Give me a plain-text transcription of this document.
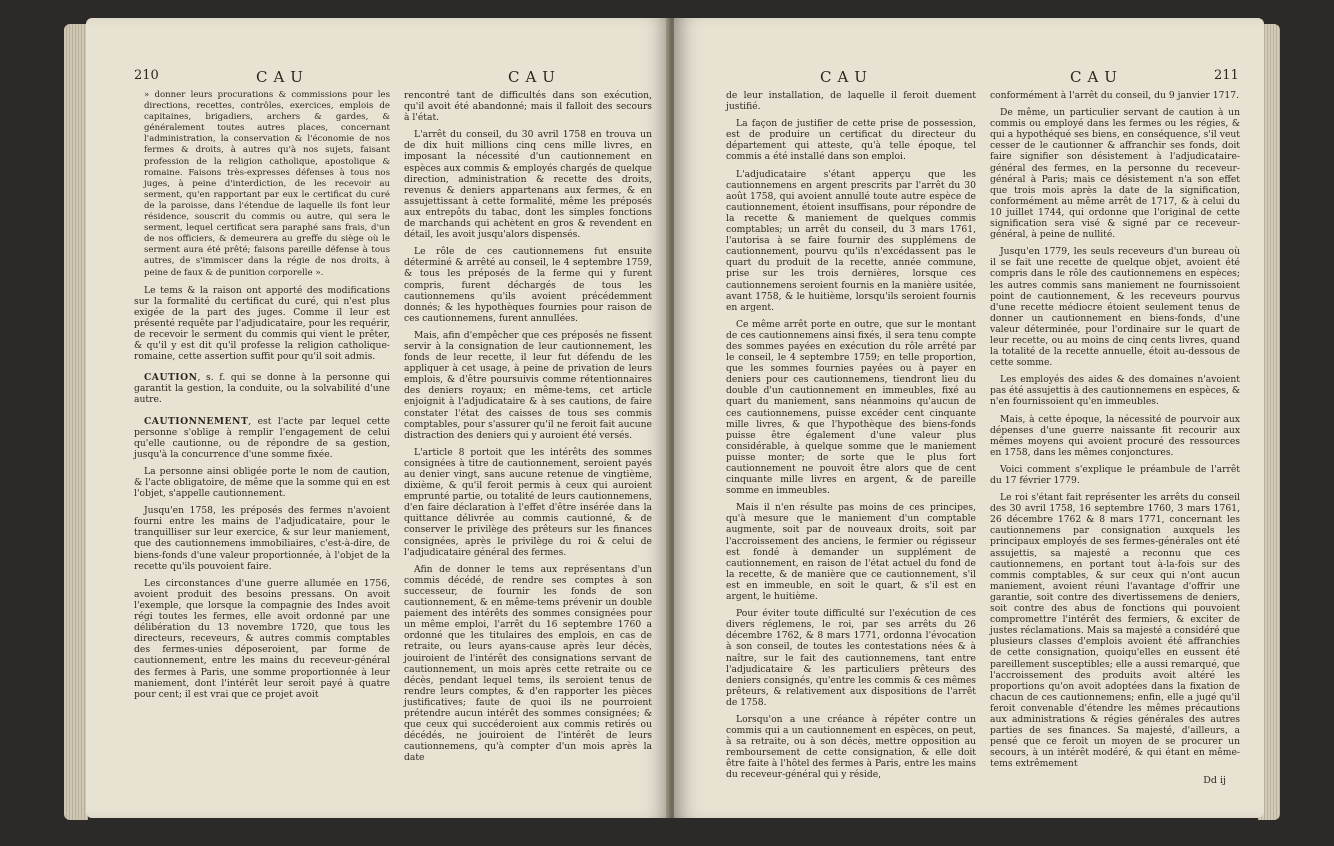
210	CAU	CAU

» donner leurs procurations & commissions pour les directions, recettes, contrôles, exercices, emplois de capitaines, brigadiers, archers & gardes, & généralement toutes autres places, concernant l'administration, la conservation & l'économie de nos fermes & droits, à autres qu'à nos sujets, faisant profession de la religion catholique, apostolique & romaine. Faisons très-expresses défenses à tous nos juges, à peine d'interdiction, de les recevoir au serment, qu'en rapportant par eux le certificat du curé de la paroisse, dans l'étendue de laquelle ils font leur résidence, souscrit du commis ou autre, qui sera le serment, lequel certificat sera paraphé sans frais, d'un de nos officiers, & demeurera au greffe du siège où le serment aura été prêté; faisons pareille défense à tous autres, de s'immiscer dans la régie de nos droits, à peine de faux & de punition corporelle ».

Le tems & la raison ont apporté des modifications sur la formalité du certificat du curé, qui n'est plus exigée de la part des juges. Comme il leur est présenté requête par l'adjudicataire, pour les requérir, de recevoir le serment du commis qui vient le prêter, & qu'il y est dit qu'il professe la religion catholique-romaine, cette assertion suffit pour qu'il soit admis.

CAUTION, s. f. qui se donne à la personne qui garantit la gestion, la conduite, ou la solvabilité d'une autre.

CAUTIONNEMENT, est l'acte par lequel cette personne s'oblige à remplir l'engagement de celui qu'elle cautionne, ou de répondre de sa gestion, jusqu'à la concurrence d'une somme fixée.

La personne ainsi obligée porte le nom de caution, & l'acte obligatoire, de même que la somme qui en est l'objet, s'appelle cautionnement.

Jusqu'en 1758, les préposés des fermes n'avoient fourni entre les mains de l'adjudicataire, pour le tranquilliser sur leur exercice, & sur leur maniement, que des cautionnemens immobiliaires, c'est-à-dire, de biens-fonds d'une valeur proportionnée, à l'objet de la recette qu'ils pouvoient faire.

Les circonstances d'une guerre allumée en 1756, avoient produit des besoins pressans. On avoit l'exemple, que lorsque la compagnie des Indes avoit régi toutes les fermes, elle avoit ordonné par une délibération du 13 novembre 1720, que tous les directeurs, receveurs, & autres commis comptables des fermes-unies déposeroient, par forme de cautionnement, entre les mains du receveur-général des fermes à Paris, une somme proportionnée à leur maniement, dont l'intérêt leur seroit payé à quatre pour cent; il est vrai que ce projet avoit

rencontré tant de difficultés dans son exécution, qu'il avoit été abandonné; mais il falloit des secours à l'état.

L'arrêt du conseil, du 30 avril 1758 en trouva un de dix huit millions cinq cens mille livres, en imposant la nécessité d'un cautionnement en espèces aux commis & employés chargés de quelque direction, administration & recette des droits, revenus & deniers appartenans aux fermes, & en assujettissant à cette formalité, même les préposés aux entrepôts du tabac, dont les simples fonctions de marchands qui achètent en gros & revendent en détail, les avoit jusqu'alors dispensés.

Le rôle de ces cautionnemens fut ensuite déterminé & arrêté au conseil, le 4 septembre 1759, & tous les préposés de la ferme qui y furent compris, furent déchargés de tous les cautionnemens qu'ils avoient précédemment donnés; & les hypothèques fournies pour raison de ces cautionnemens, furent annullées.

Mais, afin d'empêcher que ces préposés ne fissent servir à la consignation de leur cautionnement, les fonds de leur recette, il leur fut défendu de les appliquer à cet usage, à peine de privation de leurs emplois, & d'être poursuivis comme rétentionnaires des deniers royaux; en même-tems, cet article enjoignit à l'adjudicataire & à ses cautions, de faire constater l'état des caisses de tous ses commis comptables, pour s'assurer qu'il ne feroit fait aucune distraction des deniers qui y auroient été versés.

L'article 8 portoit que les intérêts des sommes consignées à titre de cautionnement, seroient payés au denier vingt, sans aucune retenue de vingtième, dixième, & qu'il feroit permis à ceux qui auroient emprunté partie, ou totalité de leurs cautionnemens, d'en faire déclaration à l'effet d'être insérée dans la quittance délivrée au commis cautionné, & de conserver le privilège des prêteurs sur les finances consignées, après le privilège du roi & celui de l'adjudicataire général des fermes.

Afin de donner le tems aux représentans d'un commis décédé, de rendre ses comptes à son successeur, de fournir les fonds de son cautionnement, & en même-tems prévenir un double paiement des intérêts des sommes consignées pour un même emploi, l'arrêt du 16 septembre 1760 a ordonné que les titulaires des emplois, en cas de retraite, ou leurs ayans-cause après leur décès, jouiroient de l'intérêt des consignations servant de cautionnement, un mois après cette retraite ou ce décès, pendant lequel tems, ils seroient tenus de rendre leurs comptes, & d'en rapporter les pièces justificatives; faute de quoi ils ne pourroient prétendre aucun intérêt des sommes consignées; & que ceux qui succéderoient aux commis retirés ou décédés, ne jouiroient de l'intérêt de leurs cautionnemens, qu'à compter d'un mois après la date

CAU	CAU	211

de leur installation, de laquelle il feroit duement justifié.

La façon de justifier de cette prise de possession, est de produire un certificat du directeur du département qui atteste, qu'à telle époque, tel commis a été installé dans son emploi.

L'adjudicataire s'étant apperçu que les cautionnemens en argent prescrits par l'arrêt du 30 août 1758, qui avoient annullé toute autre espèce de cautionnement, étoient insuffisans, pour répondre de la recette & maniement de quelques commis comptables; un arrêt du conseil, du 3 mars 1761, l'autorisa à se faire fournir des supplémens de cautionnement, pourvu qu'ils n'excédassent pas le quart du produit de la recette, année commune, prise sur les trois dernières, lorsque ces cautionnemens seroient fournis en la manière usitée, avant 1758, & le huitième, lorsqu'ils seroient fournis en argent.

Ce même arrêt porte en outre, que sur le montant de ces cautionnemens ainsi fixés, il sera tenu compte des sommes payées en exécution du rôle arrêté par le conseil, le 4 septembre 1759; en telle proportion, que les sommes fournies payées ou à payer en deniers pour ces cautionnemens, tiendront lieu du double d'un cautionnement en immeubles, fixé au quart du maniement, sans néanmoins qu'aucun de ces cautionnemens, puisse excéder cent cinquante mille livres, & que l'hypothèque des biens-fonds puisse être également d'une valeur plus considérable, à quelque somme que le maniement puisse monter; de sorte que le plus fort cautionnement ne pouvoit être alors que de cent cinquante mille livres en argent, & de pareille somme en immeubles.

Mais il n'en résulte pas moins de ces principes, qu'à mesure que le maniement d'un comptable augmente, soit par de nouveaux droits, soit par l'accroissement des anciens, le fermier ou régisseur est fondé à demander un supplément de cautionnement, en raison de l'état actuel du fond de la recette, & de manière que ce cautionnement, s'il est en immeuble, en soit le quart, & s'il est en argent, le huitième.

Pour éviter toute difficulté sur l'exécution de ces divers réglemens, le roi, par ses arrêts du 26 décembre 1762, & 8 mars 1771, ordonna l'évocation à son conseil, de toutes les contestations nées & à naître, sur le fait des cautionnemens, tant entre l'adjudicataire & les particuliers prêteurs des deniers consignés, qu'entre les commis & ces mêmes prêteurs, & relativement aux dispositions de l'arrêt de 1758.

Lorsqu'on a une créance à répéter contre un commis qui a un cautionnement en espèces, on peut, à sa retraite, ou à son décès, mettre opposition au remboursement de cette consignation, & elle doit être faite à l'hôtel des fermes à Paris, entre les mains du receveur-général qui y réside,

conformément à l'arrêt du conseil, du 9 janvier 1717.

De même, un particulier servant de caution à un commis ou employé dans les fermes ou les régies, & qui a hypothéqué ses biens, en conséquence, s'il veut cesser de le cautionner & affranchir ses fonds, doit faire signifier son désistement à l'adjudicataire-général des fermes, en la personne du receveur-général à Paris; mais ce désistement n'a son effet que trois mois après la date de la signification, conformément au même arrêt de 1717, & à celui du 10 juillet 1744, qui ordonne que l'original de cette signification sera visé & signé par ce receveur-général, à peine de nullité.

Jusqu'en 1779, les seuls receveurs d'un bureau où il se fait une recette de quelque objet, avoient été compris dans le rôle des cautionnemens en espèces; les autres commis sans maniement ne fournissoient point de cautionnement, & les receveurs pourvus d'une recette médiocre étoient seulement tenus de donner un cautionnement en biens-fonds, d'une valeur déterminée, pour l'ordinaire sur le quart de leur recette, ou au moins de cinq cents livres, quand la totalité de la recette annuelle, étoit au-dessous de cette somme.

Les employés des aides & des domaines n'avoient pas été assujettis à des cautionnemens en espèces, & n'en fournissoient qu'en immeubles.

Mais, à cette époque, la nécessité de pourvoir aux dépenses d'une guerre naissante fit recourir aux mêmes moyens qui avoient procuré des ressources en 1758, dans les mêmes conjonctures.

Voici comment s'explique le préambule de l'arrêt du 17 février 1779.

Le roi s'étant fait représenter les arrêts du conseil des 30 avril 1758, 16 septembre 1760, 3 mars 1761, 26 décembre 1762 & 8 mars 1771, concernant les cautionnemens par consignation auxquels les principaux employés de ses fermes-générales ont été assujettis, sa majesté a reconnu que ces cautionnemens, en portant tout à-la-fois sur des commis comptables, & sur ceux qui n'ont aucun maniement, avoient réuni l'avantage d'offrir une garantie, soit contre des divertissemens de deniers, soit contre des abus de fonctions qui pouvoient compromettre l'intérêt des fermiers, & exciter de justes réclamations. Mais sa majesté a considéré que plusieurs classes d'emplois avoient été affranchies de cette consignation, quoiqu'elles en eussent été pareillement susceptibles; elle a aussi remarqué, que l'accroissement des produits avoit altéré les proportions qu'on avoit adoptées dans la fixation de chacun de ces cautionnemens; enfin, elle a jugé qu'il feroit convenable d'étendre les mêmes précautions aux administrations & régies générales des autres parties de ses finances. Sa majesté, d'ailleurs, a pensé que ce feroit un moyen de se procurer un secours, à un intérêt modéré, & qui étant en même-tems extrêmement

Dd ij
